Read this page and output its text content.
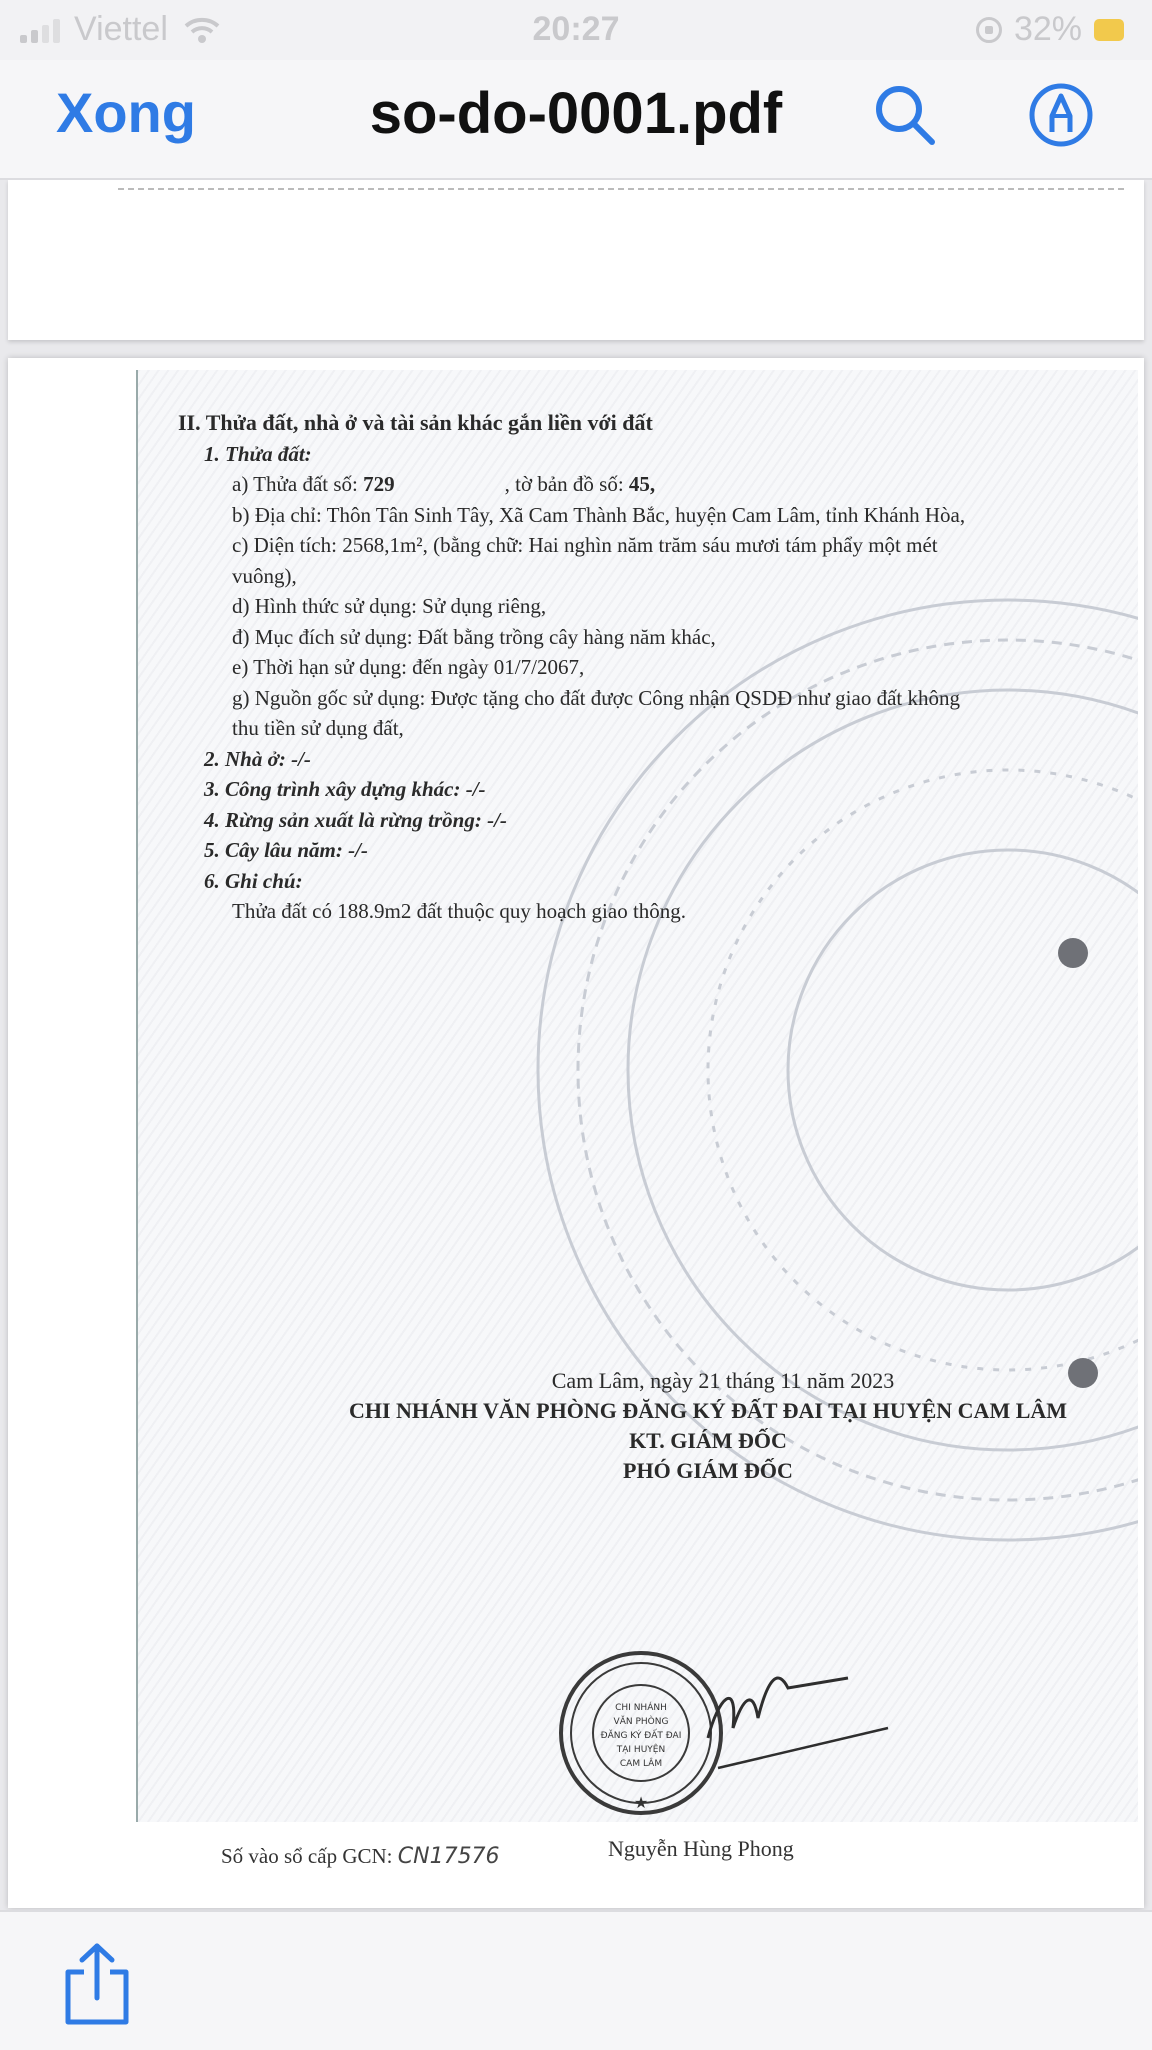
Viettel	20:27	32%
Xong	so-do-0001.pdf

II. Thửa đất, nhà ở và tài sản khác gắn liền với đất

1. Thửa đất:

a) Thửa đất số: 729	, tờ bản đồ số: 45,

b) Địa chỉ: Thôn Tân Sinh Tây, Xã Cam Thành Bắc, huyện Cam Lâm, tỉnh Khánh Hòa,

c) Diện tích: 2568,1m², (bằng chữ: Hai nghìn năm trăm sáu mươi tám phẩy một mét

vuông),

d) Hình thức sử dụng: Sử dụng riêng,

đ) Mục đích sử dụng: Đất bằng trồng cây hàng năm khác,

e) Thời hạn sử dụng: đến ngày 01/7/2067,

g) Nguồn gốc sử dụng: Được tặng cho đất được Công nhận QSDĐ như giao đất không

thu tiền sử dụng đất,

2. Nhà ở: -/-

3. Công trình xây dựng khác: -/-

4. Rừng sản xuất là rừng trồng: -/-

5. Cây lâu năm: -/-

6. Ghi chú:

Thửa đất có 188.9m2 đất thuộc quy hoạch giao thông.

Cam Lâm, ngày 21 tháng 11 năm 2023
CHI NHÁNH VĂN PHÒNG ĐĂNG KÝ ĐẤT ĐAI TẠI HUYỆN CAM LÂM
KT. GIÁM ĐỐC
PHÓ GIÁM ĐỐC
CHI NHÁNH
VĂN PHÒNG
ĐĂNG KÝ ĐẤT ĐAI
TẠI HUYỆN
CAM LÂM
★
Nguyễn Hùng Phong
Số vào sổ cấp GCN: CN17576
